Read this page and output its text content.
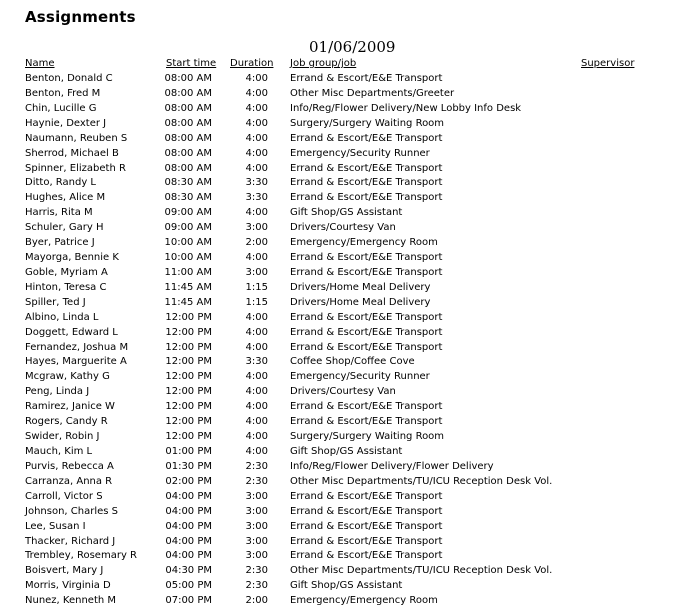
Assignments
01/06/2009
Name	Start time Duration Job group/job	Supervisor
Benton, Donald C	08:00 AM	4:00 Errand & Escort/E&E Transport
Benton, Fred M	08:00 AM	4:00 Other Misc Departments/Greeter
Chin, Lucille G	08:00 AM	4:00 Info/Reg/Flower Delivery/New Lobby Info Desk
Haynie, Dexter J	08:00 AM	4:00 Surgery/Surgery Waiting Room
Naumann, Reuben S	08:00 AM	4:00 Errand & Escort/E&E Transport
Sherrod, Michael B	08:00 AM	4:00 Emergency/Security Runner
Spinner, Elizabeth R	08:00 AM	4:00 Errand & Escort/E&E Transport
Ditto, Randy L	08:30 AM	3:30 Errand & Escort/E&E Transport
Hughes, Alice M	08:30 AM	3:30 Errand & Escort/E&E Transport
Harris, Rita M	09:00 AM	4:00 Gift Shop/GS Assistant
Schuler, Gary H	09:00 AM	3:00 Drivers/Courtesy Van
Byer, Patrice J	10:00 AM	2:00 Emergency/Emergency Room
Mayorga, Bennie K	10:00 AM	4:00 Errand & Escort/E&E Transport
Goble, Myriam A	11:00 AM	3:00 Errand & Escort/E&E Transport
Hinton, Teresa C	11:45 AM	1:15 Drivers/Home Meal Delivery
Spiller, Ted J	11:45 AM	1:15 Drivers/Home Meal Delivery
Albino, Linda L	12:00 PM	4:00 Errand & Escort/E&E Transport
Doggett, Edward L	12:00 PM	4:00 Errand & Escort/E&E Transport
Fernandez, Joshua M	12:00 PM	4:00 Errand & Escort/E&E Transport
Hayes, Marguerite A	12:00 PM	3:30 Coffee Shop/Coffee Cove
Mcgraw, Kathy G	12:00 PM	4:00 Emergency/Security Runner
Peng, Linda J	12:00 PM	4:00 Drivers/Courtesy Van
Ramirez, Janice W	12:00 PM	4:00 Errand & Escort/E&E Transport
Rogers, Candy R	12:00 PM	4:00 Errand & Escort/E&E Transport
Swider, Robin J	12:00 PM	4:00 Surgery/Surgery Waiting Room
Mauch, Kim L	01:00 PM	4:00 Gift Shop/GS Assistant
Purvis, Rebecca A	01:30 PM	2:30 Info/Reg/Flower Delivery/Flower Delivery
Carranza, Anna R	02:00 PM	2:30 Other Misc Departments/TU/ICU Reception Desk Vol.
Carroll, Victor S	04:00 PM	3:00 Errand & Escort/E&E Transport
Johnson, Charles S	04:00 PM	3:00 Errand & Escort/E&E Transport
Lee, Susan I	04:00 PM	3:00 Errand & Escort/E&E Transport
Thacker, Richard J	04:00 PM	3:00 Errand & Escort/E&E Transport
Trembley, Rosemary R	04:00 PM	3:00 Errand & Escort/E&E Transport
Boisvert, Mary J	04:30 PM	2:30 Other Misc Departments/TU/ICU Reception Desk Vol.
Morris, Virginia D	05:00 PM	2:30 Gift Shop/GS Assistant
Nunez, Kenneth M	07:00 PM	2:00 Emergency/Emergency Room
